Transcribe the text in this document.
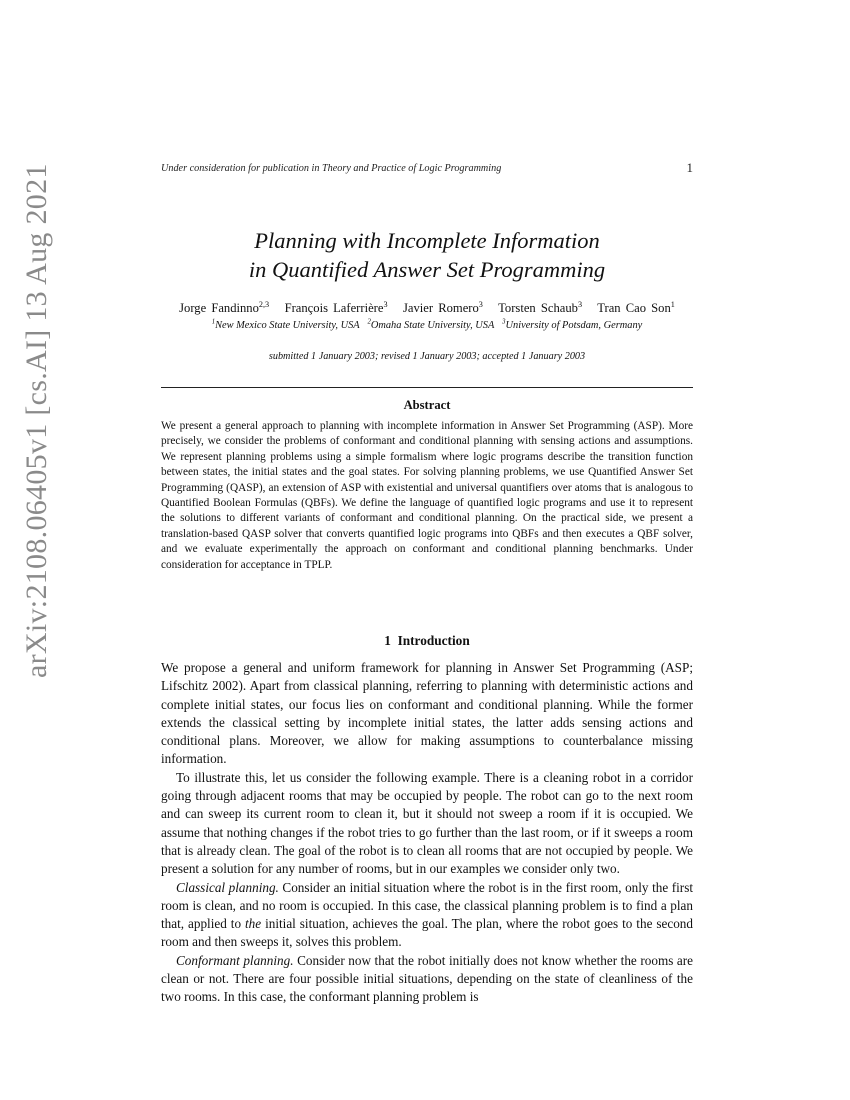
arXiv:2108.06405v1 [cs.AI] 13 Aug 2021	Under consideration for publication in Theory and Practice of Logic Programming	1
Planning with Incomplete Information
in Quantified Answer Set Programming
Jorge Fandinno$^{2,3}$ François Laferrière$^3$ Javier Romero$^3$ Torsten Schaub$^3$ Tran Cao Son$^1$
$^1$New Mexico State University, USA $^2$Omaha State University, USA $^3$University of Potsdam, Germany
submitted 1 January 2003; revised 1 January 2003; accepted 1 January 2003
Abstract
We present a general approach to planning with incomplete information in Answer Set Programming (ASP). More precisely, we consider the problems of conformant and conditional planning with sensing actions and assumptions. We represent planning problems using a simple formalism where logic programs describe the transition function between states, the initial states and the goal states. For solving planning problems, we use Quantified Answer Set Programming (QASP), an extension of ASP with existential and universal quantifiers over atoms that is analogous to Quantified Boolean Formulas (QBFs). We define the language of quantified logic programs and use it to represent the solutions to different variants of conformant and conditional planning. On the practical side, we present a translation-based QASP solver that converts quantified logic programs into QBFs and then executes a QBF solver, and we evaluate experimentally the approach on conformant and conditional planning benchmarks. Under consideration for acceptance in TPLP.
1 Introduction

We propose a general and uniform framework for planning in Answer Set Programming (ASP; Lifschitz 2002). Apart from classical planning, referring to planning with deterministic actions and complete initial states, our focus lies on conformant and conditional planning. While the former extends the classical setting by incomplete initial states, the latter adds sensing actions and conditional plans. Moreover, we allow for making assumptions to counterbalance missing information.

To illustrate this, let us consider the following example. There is a cleaning robot in a corridor going through adjacent rooms that may be occupied by people. The robot can go to the next room and can sweep its current room to clean it, but it should not sweep a room if it is occupied. We assume that nothing changes if the robot tries to go further than the last room, or if it sweeps a room that is already clean. The goal of the robot is to clean all rooms that are not occupied by people. We present a solution for any number of rooms, but in our examples we consider only two.

Classical planning. Consider an initial situation where the robot is in the first room, only the first room is clean, and no room is occupied. In this case, the classical planning problem is to find a plan that, applied to the initial situation, achieves the goal. The plan, where the robot goes to the second room and then sweeps it, solves this problem.

Conformant planning. Consider now that the robot initially does not know whether the rooms are clean or not. There are four possible initial situations, depending on the state of cleanliness of the two rooms. In this case, the conformant planning problem is
